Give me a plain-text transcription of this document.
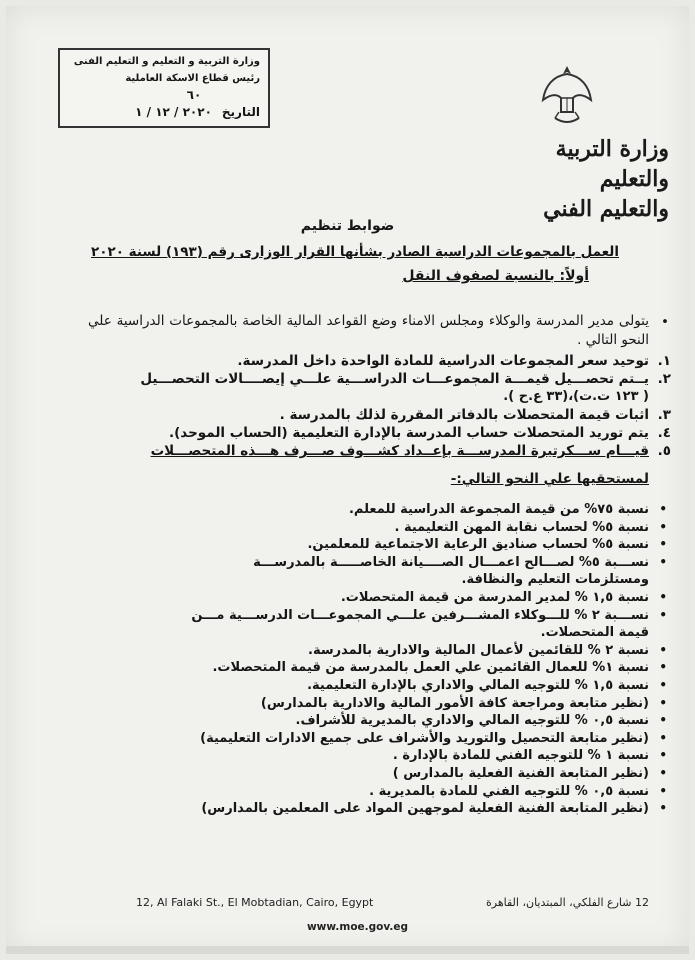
وزارة التربية و التعليم و التعليم الفنى
رئيس قطاع الاسكة العاملية
٦٠
التاريخ
٢٠٢٠ / ١٢ / ١
وزارة التربية والتعليم
والتعليم الفني
ضوابط تنظيم
العمل بالمجموعات الدراسية الصادر بشأنها القرار الوزارى رقم (١٩٣) لسنة ٢٠٢٠
أولاً: بالنسبة لصفوف النقل
•
يتولى مدير المدرسة والوكلاء ومجلس الامناء وضع القواعد المالية الخاصة بالمجموعات الدراسية علي النحو التالي .
١.
توحيد سعر المجموعات الدراسية للمادة الواحدة داخل المدرسة.
٢.
يــتم تحصـــيل قيمـــة المجموعـــات الدراســـية علـــي إيصــــالات التحصـــيل
( ١٢٣ ت.ت)،(٣٣ ع.ح ).
٣.
اثبات قيمة المتحصلات بالدفاتر المقررة لذلك بالمدرسة .
٤.
يتم توريد المتحصلات حساب المدرسة بالإدارة التعليمية (الحساب الموحد).
٥.
قيـــام ســـكرتيرة المدرســـة بإعــداد كشـــوف صـــرف هـــذه المتحصـــلات
لمستحقيها علي النحو التالي:-
•
نسبة ٧٥% من قيمة المجموعة الدراسية للمعلم.
•
نسبة ٥% لحساب نقابة المهن التعليمية .
•
نسبة ٥% لحساب صناديق الرعاية الاجتماعية للمعلمين.
•
نســـبة ٥% لصـــالح اعمـــال الصــــيانة الخاصـــــة بالمدرســـة
ومستلزمات التعليم والنظافة.
•
نسبة ١,٥ % لمدير المدرسة من قيمة المتحصلات.
•
نســـبة ٢ % للـــوكلاء المشـــرفين علـــي المجموعـــات الدرســـية مـــن
قيمة المتحصلات.
•
نسبة ٢ % للقائمين لأعمال المالية والادارية بالمدرسة.
•
نسبة ١% للعمال القائمين علي العمل بالمدرسة من قيمة المتحصلات.
•
نسبة ١,٥ % للتوجيه المالي والاداري بالإدارة التعليمية.
•
(نظير متابعة ومراجعة كافة الأمور المالية والادارية بالمدارس)
•
نسبة ٠,٥ % للتوجيه المالي والاداري بالمديرية للأشراف.
•
(نظير متابعة التحصيل والتوريد والأشراف على جميع الادارات التعليمية)
•
نسبة ١ % للتوجيه الفني للمادة بالإدارة .
•
(نظير المتابعة الفنية الفعلية بالمدارس )
•
نسبة ٠,٥ % للتوجيه الفني للمادة بالمديرية .
•
(نظير المتابعة الفنية الفعلية لموجهين المواد على المعلمين بالمدارس)
12, Al Falaki St., El Mobtadian, Cairo, Egypt	12 شارع الفلكي، المبتديان، القاهرة
www.moe.gov.eg
